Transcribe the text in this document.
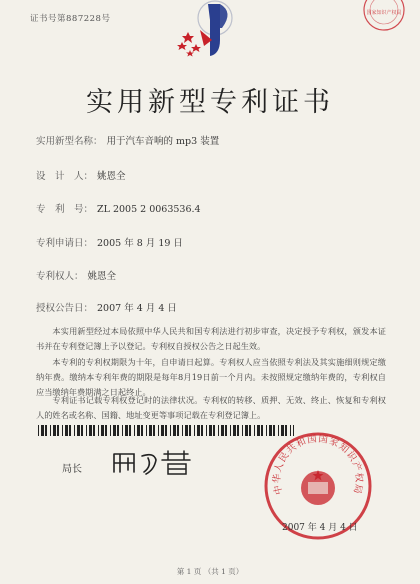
证书号第887228号
国家知识产权局
实用新型专利证书
实用新型名称： 用于汽车音响的 mp3 装置
设　计　人： 姚恩全
专　利　号： ZL 2005 2 0063536.4
专利申请日： 2005 年 8 月 19 日
专利权人： 姚恩全
授权公告日： 2007 年 4 月 4 日
本实用新型经过本局依照中华人民共和国专利法进行初步审查，决定授予专利权，颁发本证书并在专利登记簿上予以登记。专利权自授权公告之日起生效。
本专利的专利权期限为十年，自申请日起算。专利权人应当依照专利法及其实施细则规定缴纳年费。缴纳本专利年费的期限是每年8月19日前一个月内。未按照规定缴纳年费的，专利权自应当缴纳年费期满之日起终止。
专利证书记载专利权登记时的法律状况。专利权的转移、质押、无效、终止、恢复和专利权人的姓名或名称、国籍、地址变更等事项记载在专利登记簿上。
局长
中华人民共和国国家知识产权局
2007 年 4 月 4 日
第 1 页 （共 1 页）
